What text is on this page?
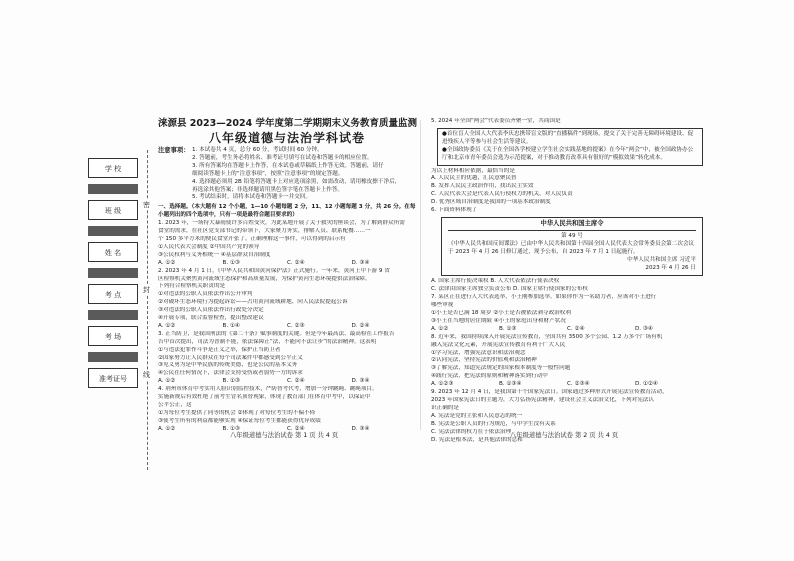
学 校
班 级
姓 名
考 点
考 场
准考证号
密
封
线
涞源县 2023—2024 学年度第二学期期末义务教育质量监测
八年级道德与法治学科试卷
注意事项： 1. 本试卷共 4 页，总分 60 分，考试时间 60 分钟。
2. 答题前，考生务必将姓名、准考证号填写在试卷和答题卡的相应位置。
3. 所有答案均在答题卡上作答，在本试卷或草稿纸上作答无效。答题前，请仔
细阅读答题卡上的“注意事项”，按照“注意事项”的规定答题。
4. 选择题必须用 2B 铅笔将答题卡上对应选项涂黑，如需改动，请用橡皮擦干净后，
再选涂其他答案；非选择题请用黑色签字笔在答题卡上作答。
5. 考试结束时，请将本试卷和答题卡一并交回。
一、选择题。（本大题有 12 个小题，1—10 小题每题 2 分，11、12 小题每题 3 分，共 26 分。在每小题列出的四个选项中，只有一项是最符合题目要求的）
1. 2023 年，一场特大暴雨使许多百姓受灾，为此某地开展了关于救灾的座谈会，为了解到群众所需
食堂的需求，在社区党支部书记的带领下，大家聚力务实，排解人员、联系配餐……一
个 150 多平方米的便民食堂开张了。正确理解这一事件，可以得到的启示有
①人民代表大会制度 ②中国共产党的领导
③公民权利与义务相统一 ④基层群众自治制度
A. ①②	B. ①③	C. ②④	D. ③④
2. 2023 年 4 月 1 日，《中华人民共和国黄河保护法》正式施行。一年来，黄河上中下游 9 省
区检察机关聚焦黄河流域生态保护和高质量发展，为保护黄河生态环境提供法治保障。
下列符合检察机关职责的是
①对违法的公职人员依法作出公开审判
②对破坏生态环境行为提起诉讼——占用黄河流域耕地、向人民法院提起公诉
③对违法的公职人员依法作出行政处分决定
④开展专项，联合监督检查，提出整改建议
A. ①②	B. ①④	C. ②③	D. ②④
3. 正当防卫，是我国刑法的《第二十条》赋事制度的关键。但是今年最高法、最高检在工作报告
告中首次提出，司法为普制不能，依法保障正“法，不能向不法让步”的法治精神。这表明
①与违法犯罪作斗争是正义之举，保护正当防卫者
②国家努力让人民群众在每个司法案件中都感受到公平正义
③见义勇为是中华民族的传统美德，也是公民的基本义务
④公民在任何情况下，法律会支持受伤或者弱势一方的诉求
A. ①②	B. ①③	C. ②④	D. ③④
4. 荆州市体育中考实用人脸识别监控技术，严防替考代考，增加一分钟跳绳、跳绳项目。
实施新规后有效杜绝了前考生冒名顶替现象，体现了教育部门在体育中考中，以保证中
公平公正，这
①为每位考生提供了同等的机会 ②体现了对每位考生的不偏不倚
③使考生所有的利益都能够实现 ④保证每位考生都能获得优异成绩
A. ①②	B. ①③	C. ②④	D. ③④
八年级道德与法治试卷 第 1 页 共 4 页
5. 2024 年全国“两会”代表委员齐聚一堂，共商国是
●首位盲人全国人大代表李庆忠携带盲文版的“直播稿件”到现场，提交了关于完善无障碍环境建设、促进残疾人平等参与社会生活等建议。
●全国政协委员《关于在全国各学校建立学生社会实践基地的提案》在今年“两会”中，被全国政协办公厅和北京市青年委员会选为示范提案，对于推动教育改革具有很好的“模拟效果”转化成本。
为以上材料相应依据，最恰当的是
A. 人民民主的优越，汇民意聚民智
B. 发挥人民民主政治作用，找出民主实效
C. 人民代表大会是代表人民行使权力的机关，对人民负责
D. 优秀区域自治制度是我国的一项基本政治制度
6. 下面资料体现了
中华人民共和国主席令
第 49 号
《中华人民共和国反间谍法》已由中华人民共和国第十四届全国人民代表大会常务委员会第二次会议于 2023 年 4 月 26 日修订通过，现予公布，自 2023 年 7 月 1 日起施行。
中华人民共和国主席 习近平
2023 年 4 月 26 日
A. 国家主席行使决策权 B. 人大代表依法行使表决权
C. 法律由国家主席独立负责公布 D. 国家主席行使国家的公布权
7. 某区正在进行人大代表选举，小王刚参加选举。如果你作为一名助力者，应该对小王进行
哪些审视
①小王是否已满 18 周岁 ②小王是否被依法剥夺政治权利
③小王在当地的居住期限 ④小王的家庭出身和财产状况
A. ①②	B. ①③	C. ②④	D. ③④
8. 近年来，我国持续深入开展宪法宣传教育，全国共有 3500 多个公园、1.2 万多个广场有机
融入宪法文化元素，开展宪法宣传教育有利于广大人民
①学习宪法，增强宪法意识和法治观念
②认同宪法，坚持宪法的价值观和法治精神
③了解宪法，知道宪法规定的国家根本制度等一般性问题
④践行宪法，把宪法的原则和精神落实到行动中
A. ①②③	B. ①③④	C. ②③④	D. ①②④
9. 2023 年 12 月 4 日，是我国第十个国家宪法日。国家通过多种形式开展宪法宣传教育活动，
2023 年国家宪法日的主题为，大力弘扬宪法精神，建设社会主义法治文化，下列对宪法认
识正确的是
A. 宪法是党的主张和人民意志的统一
B. 宪法是公职人员的行为规范，与中学生没有关系
C. 宪法法律的权力在于依法治理
D. 宪法是根本法，是其他法律的总和
八年级道德与法治试卷 第 2 页 共 4 页
